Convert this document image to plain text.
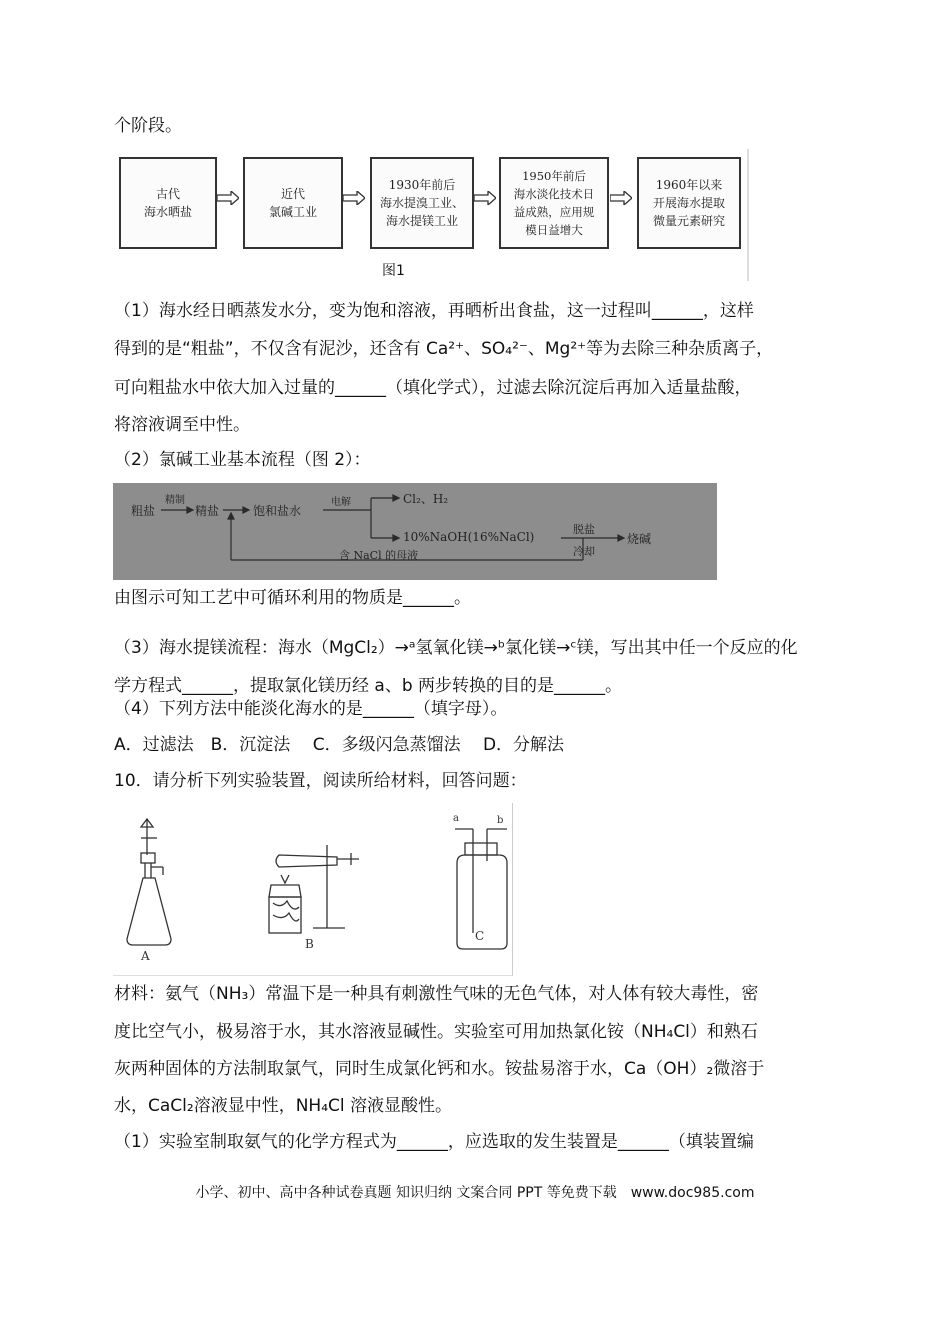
个阶段。
古代
海水晒盐
近代
氯碱工业
1930年前后
海水提溴工业、
海水提镁工业
1950年前后
海水淡化技术日
益成熟，应用规
模日益增大
1960年以来
开展海水提取
微量元素研究
图1
（1）海水经日晒蒸发水分，变为饱和溶液，再晒析出食盐，这一过程叫______，这样
得到的是“粗盐”，不仅含有泥沙，还含有 Ca²⁺、SO₄²⁻、Mg²⁺等为去除三种杂质离子，
可向粗盐水中依大加入过量的______（填化学式），过滤去除沉淀后再加入适量盐酸，
将溶液调至中性。
（2）氯碱工业基本流程（图 2）：
粗盐
精制
精盐	饱和盐水
电解	Cl₂、H₂
10%NaOH(16%NaCl)
脱盐
冷却
烧碱
含 NaCl 的母液
由图示可知工艺中可循环利用的物质是______。
（3）海水提镁流程：海水（MgCl₂）→ᵃ氢氧化镁→ᵇ氯化镁→ᶜ镁，写出其中任一个反应的化
学方程式______，提取氯化镁历经 a、b 两步转换的目的是______。
（4）下列方法中能淡化海水的是______（填字母）。
A．过滤法　B．沉淀法　 C．多级闪急蒸馏法　 D．分解法
10．请分析下列实验装置，阅读所给材料，回答问题：
A
B
C
a	b
材料：氨气（NH₃）常温下是一种具有刺激性气味的无色气体，对人体有较大毒性，密
度比空气小，极易溶于水，其水溶液显碱性。实验室可用加热氯化铵（NH₄Cl）和熟石
灰两种固体的方法制取氯气，同时生成氯化钙和水。铵盐易溶于水，Ca（OH）₂微溶于
水，CaCl₂溶液显中性，NH₄Cl 溶液显酸性。
（1）实验室制取氨气的化学方程式为______，应选取的发生装置是______（填装置编
小学、初中、高中各种试卷真题 知识归纳 文案合同 PPT 等免费下载　www.doc985.com
